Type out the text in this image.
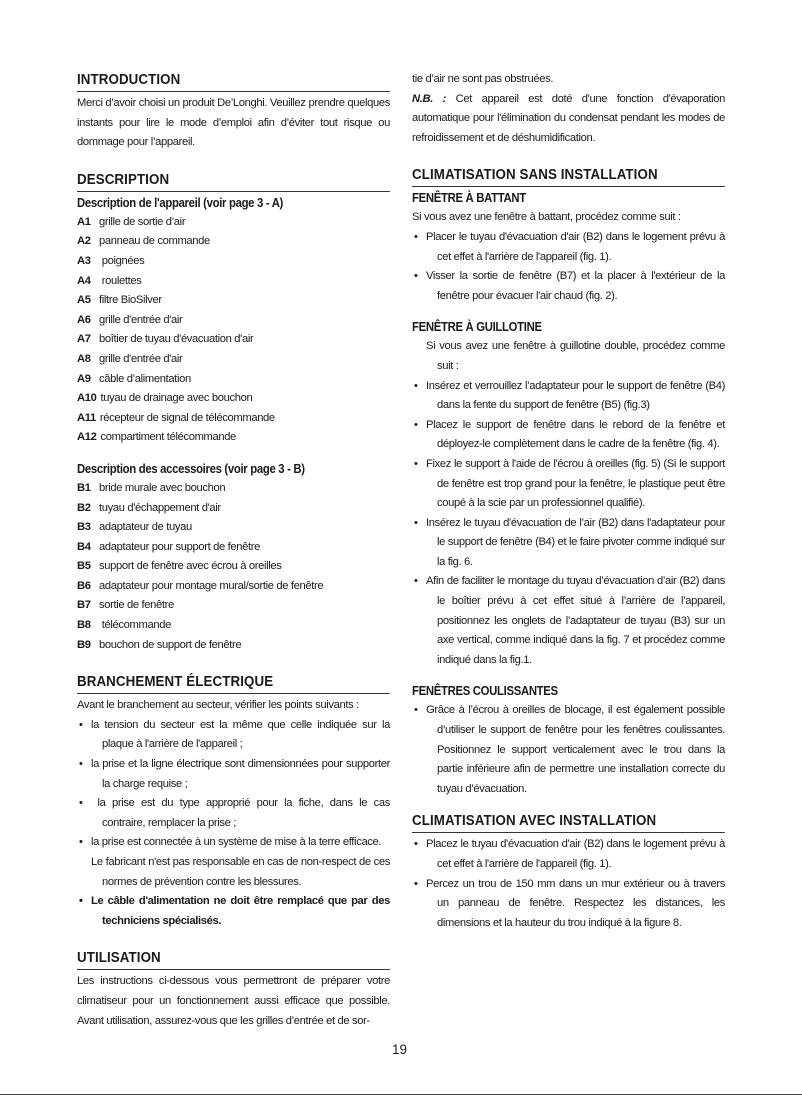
INTRODUCTION

Merci d’avoir choisi un produit De’Longhi. Veuillez prendre quelques instants pour lire le mode d’emploi afin d’éviter tout risque ou dommage pour l’appareil.

DESCRIPTION
Description de l'appareil (voir page 3 - A)
A1 grille de sortie d’air
A2 panneau de commande
A3 poignées
A4 roulettes
A5 filtre BioSilver
A6 grille d'entrée d'air
A7 boîtier de tuyau d'évacuation d'air
A8 grille d'entrée d'air
A9 câble d’alimentation
A10 tuyau de drainage avec bouchon
A11 récepteur de signal de télécommande
A12 compartiment télécommande
Description des accessoires (voir page 3 - B)
B1 bride murale avec bouchon
B2 tuyau d'échappement d'air
B3 adaptateur de tuyau
B4 adaptateur pour support de fenêtre
B5 support de fenêtre avec écrou à oreilles
B6 adaptateur pour montage mural/sortie de fenêtre
B7 sortie de fenêtre
B8 télécommande
B9 bouchon de support de fenêtre
BRANCHEMENT ÉLECTRIQUE

Avant le branchement au secteur, vérifier les points suivants :

• la tension du secteur est la même que celle indiquée sur la plaque à l'arrière de l'appareil ;

• la prise et la ligne électrique sont dimensionnées pour supporter la charge requise ;

• la prise est du type approprié pour la fiche, dans le cas contraire, remplacer la prise ;

• la prise est connectée à un système de mise à la terre efficace.

Le fabricant n'est pas responsable en cas de non-respect de ces normes de prévention contre les blessures.

• Le câble d'alimentation ne doit être remplacé que par des techniciens spécialisés.

UTILISATION

Les instructions ci-dessous vous permettront de préparer votre climatiseur pour un fonctionnement aussi efficace que possible. Avant utilisation, assurez-vous que les grilles d’entrée et de sor-

tie d’air ne sont pas obstruées.

N.B. : Cet appareil est doté d'une fonction d'évaporation automatique pour l'élimination du condensat pendant les modes de refroidissement et de déshumidification.

CLIMATISATION SANS INSTALLATION
FENÊTRE À BATTANT

Si vous avez une fenêtre à battant, procédez comme suit :

• Placer le tuyau d'évacuation d'air (B2) dans le logement prévu à cet effet à l'arrière de l'appareil (fig. 1).

• Visser la sortie de fenêtre (B7) et la placer à l'extérieur de la fenêtre pour évacuer l'air chaud (fig. 2).

FENÊTRE À GUILLOTINE

Si vous avez une fenêtre à guillotine double, procédez comme suit :

• Insérez et verrouillez l’adaptateur pour le support de fenêtre (B4) dans la fente du support de fenêtre (B5) (fig.3)

• Placez le support de fenêtre dans le rebord de la fenêtre et déployez-le complètement dans le cadre de la fenêtre (fig. 4).

• Fixez le support à l'aide de l'écrou à oreilles (fig. 5) (Si le support de fenêtre est trop grand pour la fenêtre, le plastique peut être coupé à la scie par un professionnel qualifié).

• Insérez le tuyau d'évacuation de l’air (B2) dans l'adaptateur pour le support de fenêtre (B4) et le faire pivoter comme indiqué sur la fig. 6.

• Afin de faciliter le montage du tuyau d’évacuation d’air (B2) dans le boîtier prévu à cet effet situé à l’arrière de l’appareil, positionnez les onglets de l’adaptateur de tuyau (B3) sur un axe vertical, comme indiqué dans la fig. 7 et procédez comme indiqué dans la fig.1.

FENÊTRES COULISSANTES

• Grâce à l’écrou à oreilles de blocage, il est également possible d’utiliser le support de fenêtre pour les fenêtres coulissantes. Positionnez le support verticalement avec le trou dans la partie inférieure afin de permettre une installation correcte du tuyau d’évacuation.

CLIMATISATION AVEC INSTALLATION

• Placez le tuyau d'évacuation d'air (B2) dans le logement prévu à cet effet à l'arrière de l'appareil (fig. 1).

• Percez un trou de 150 mm dans un mur extérieur ou à travers un panneau de fenêtre. Respectez les distances, les dimensions et la hauteur du trou indiqué à la figure 8.

19
